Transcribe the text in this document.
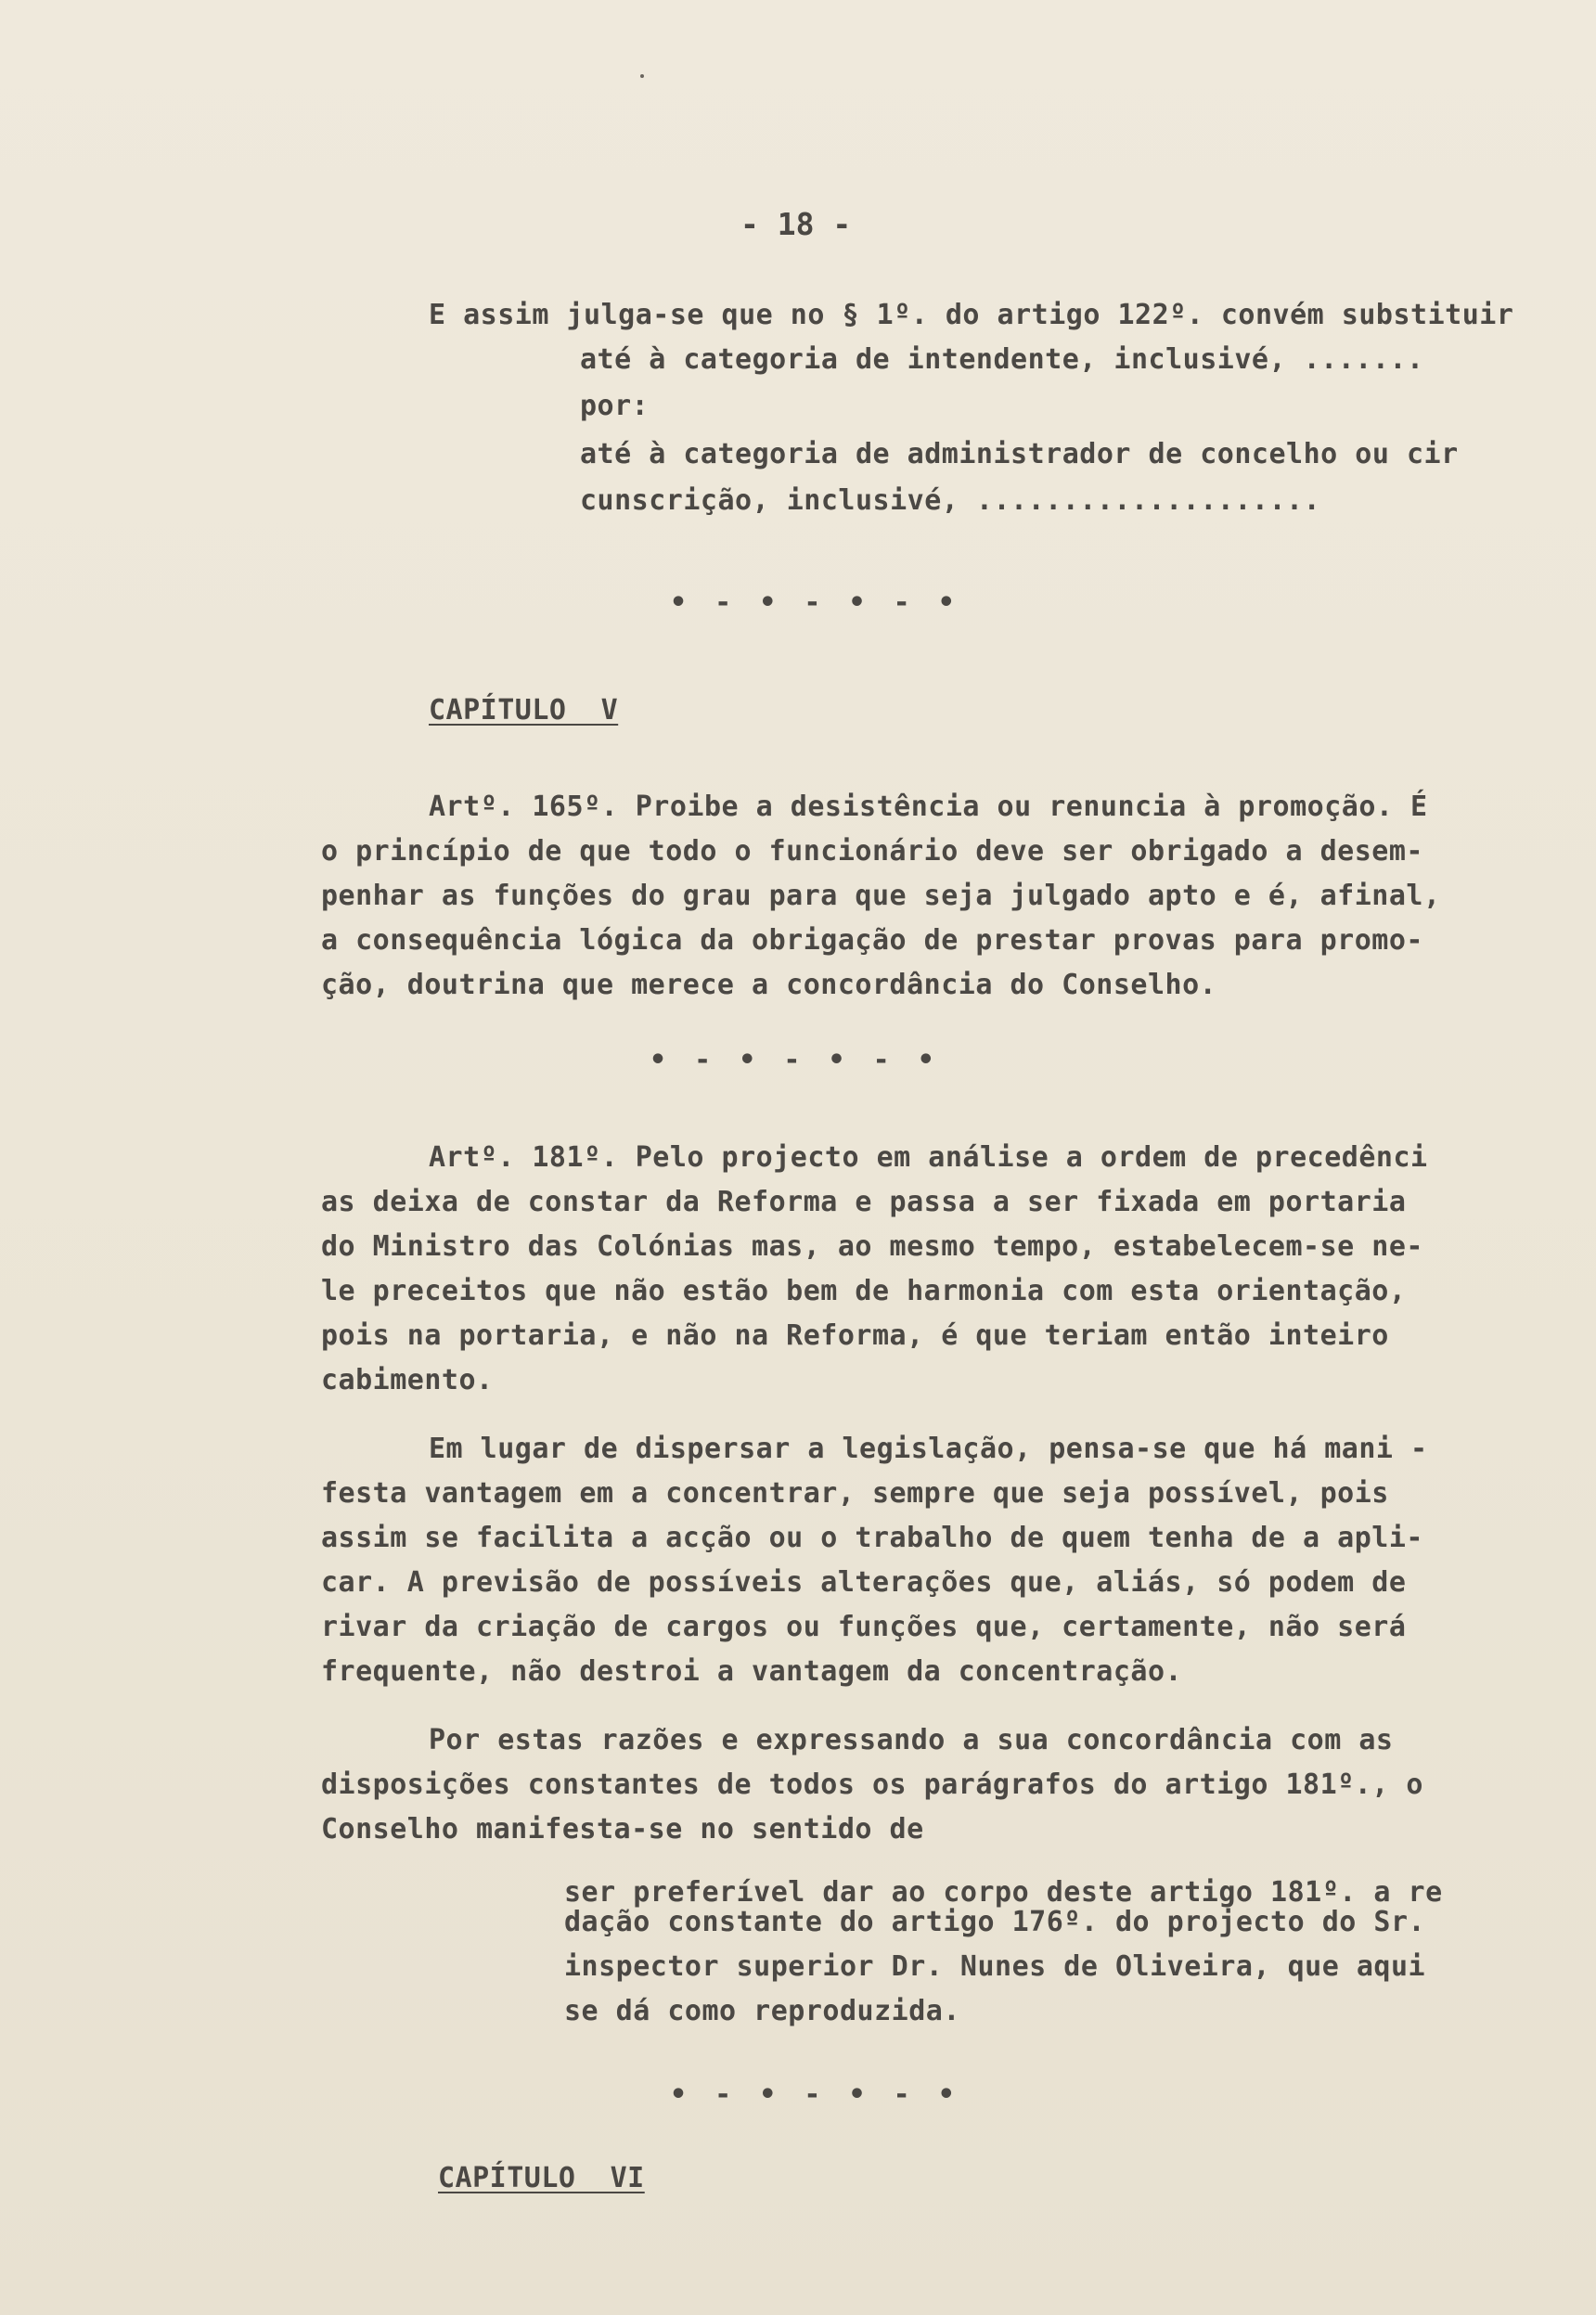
- 18 -
E assim julga-se que no § 1º. do artigo 122º. convém substituir
até à categoria de intendente, inclusivé, .......
por:
até à categoria de administrador de concelho ou cir
cunscrição, inclusivé, ....................
• - • - • - •
CAPÍTULO  V
Artº. 165º. Proibe a desistência ou renuncia à promoção. É
o princípio de que todo o funcionário deve ser obrigado a desem-
penhar as funções do grau para que seja julgado apto e é, afinal,
a consequência lógica da obrigação de prestar provas para promo-
ção, doutrina que merece a concordância do Conselho.
• - • - • - •
Artº. 181º. Pelo projecto em análise a ordem de precedênci
as deixa de constar da Reforma e passa a ser fixada em portaria
do Ministro das Colónias mas, ao mesmo tempo, estabelecem-se ne-
le preceitos que não estão bem de harmonia com esta orientação,
pois na portaria, e não na Reforma, é que teriam então inteiro
cabimento.
Em lugar de dispersar a legislação, pensa-se que há mani -
festa vantagem em a concentrar, sempre que seja possível, pois
assim se facilita a acção ou o trabalho de quem tenha de a apli-
car. A previsão de possíveis alterações que, aliás, só podem de
rivar da criação de cargos ou funções que, certamente, não será
frequente, não destroi a vantagem da concentração.
Por estas razões e expressando a sua concordância com as
disposições constantes de todos os parágrafos do artigo 181º., o
Conselho manifesta-se no sentido de
ser preferível dar ao corpo deste artigo 181º. a re
dação constante do artigo 176º. do projecto do Sr.
inspector superior Dr. Nunes de Oliveira, que aqui
se dá como reproduzida.
• - • - • - •
CAPÍTULO  VI
